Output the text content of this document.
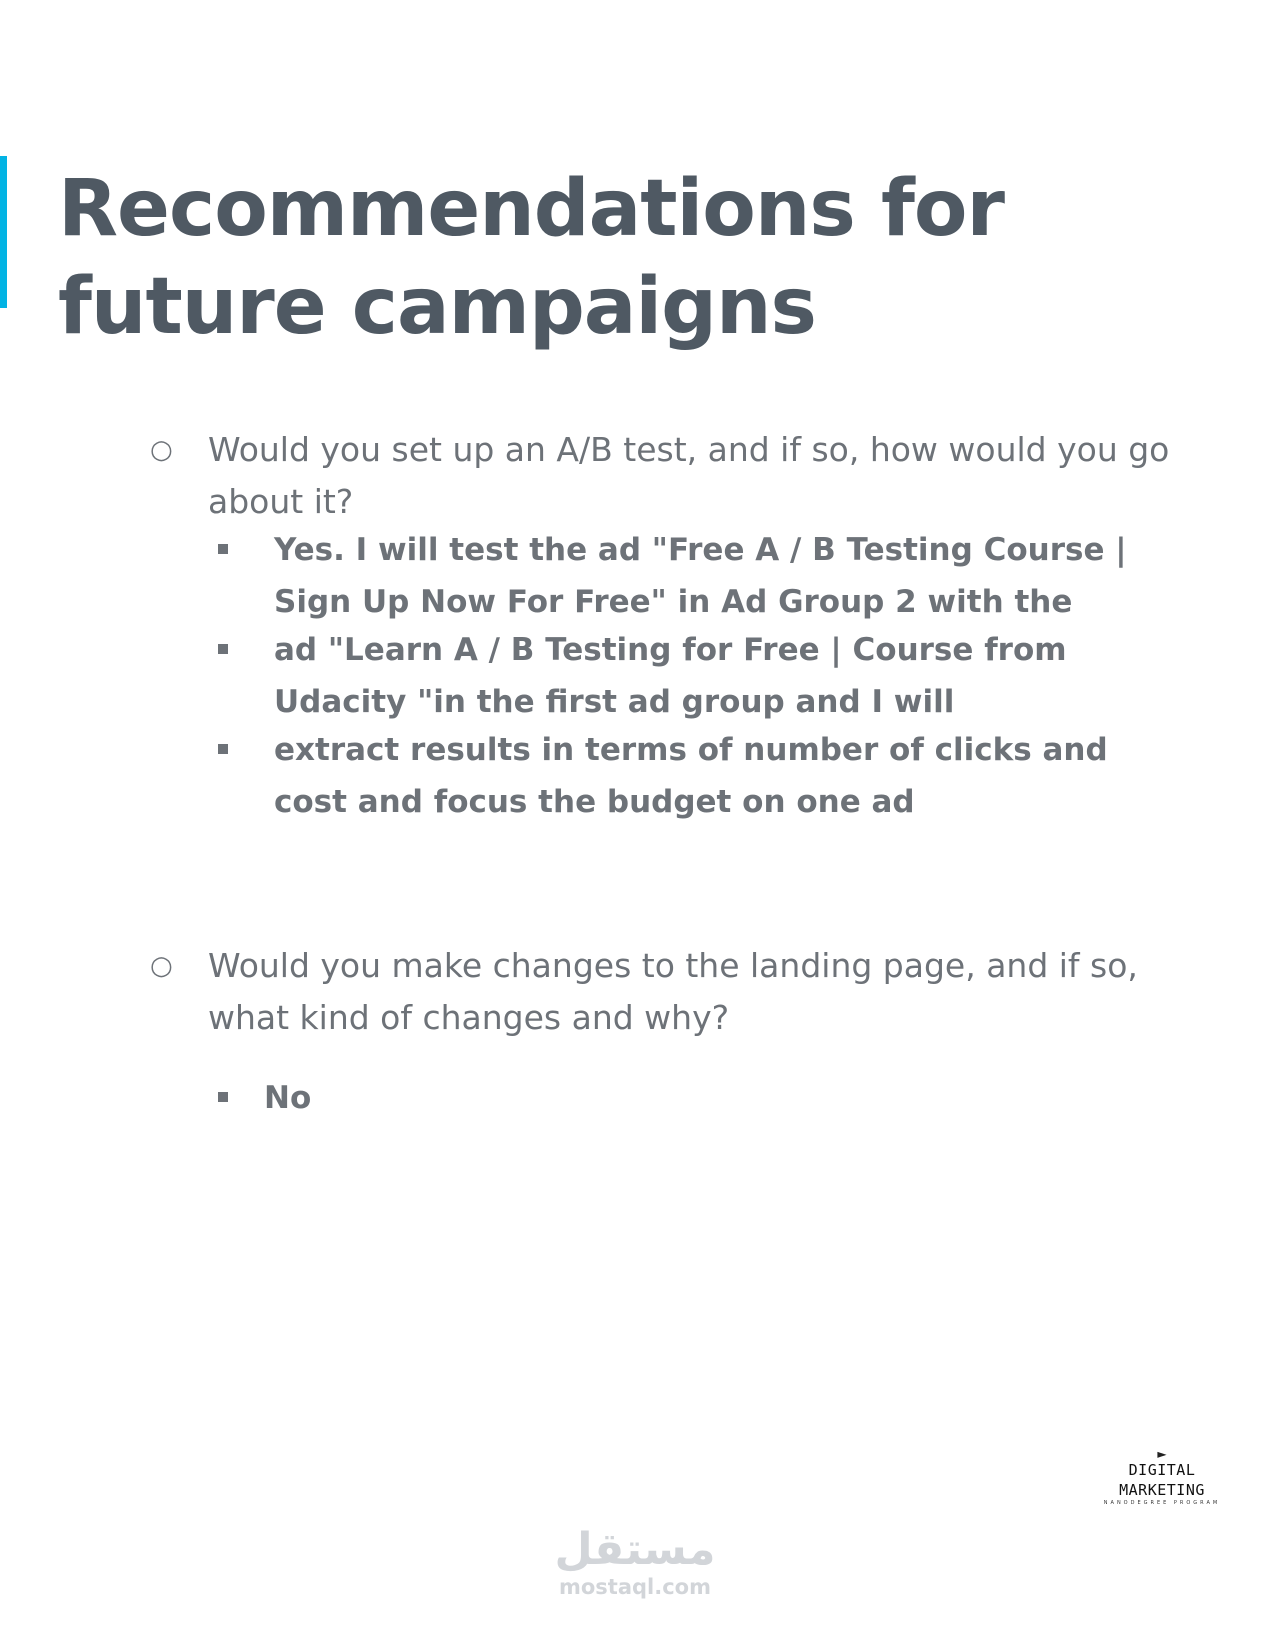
Recommendations for
future campaigns
○ Would you set up an A/B test, and if so, how would you go
about it?
Yes. I will test the ad "Free A / B Testing Course |
Sign Up Now For Free" in Ad Group 2 with the
ad "Learn A / B Testing for Free | Course from
Udacity "in the first ad group and I will
extract results in terms of number of clicks and
cost and focus the budget on one ad
○ Would you make changes to the landing page, and if so,
what kind of changes and why?
No
►
DIGITAL MARKETING
NANODEGREE PROGRAM
مستقل
mostaql.com
